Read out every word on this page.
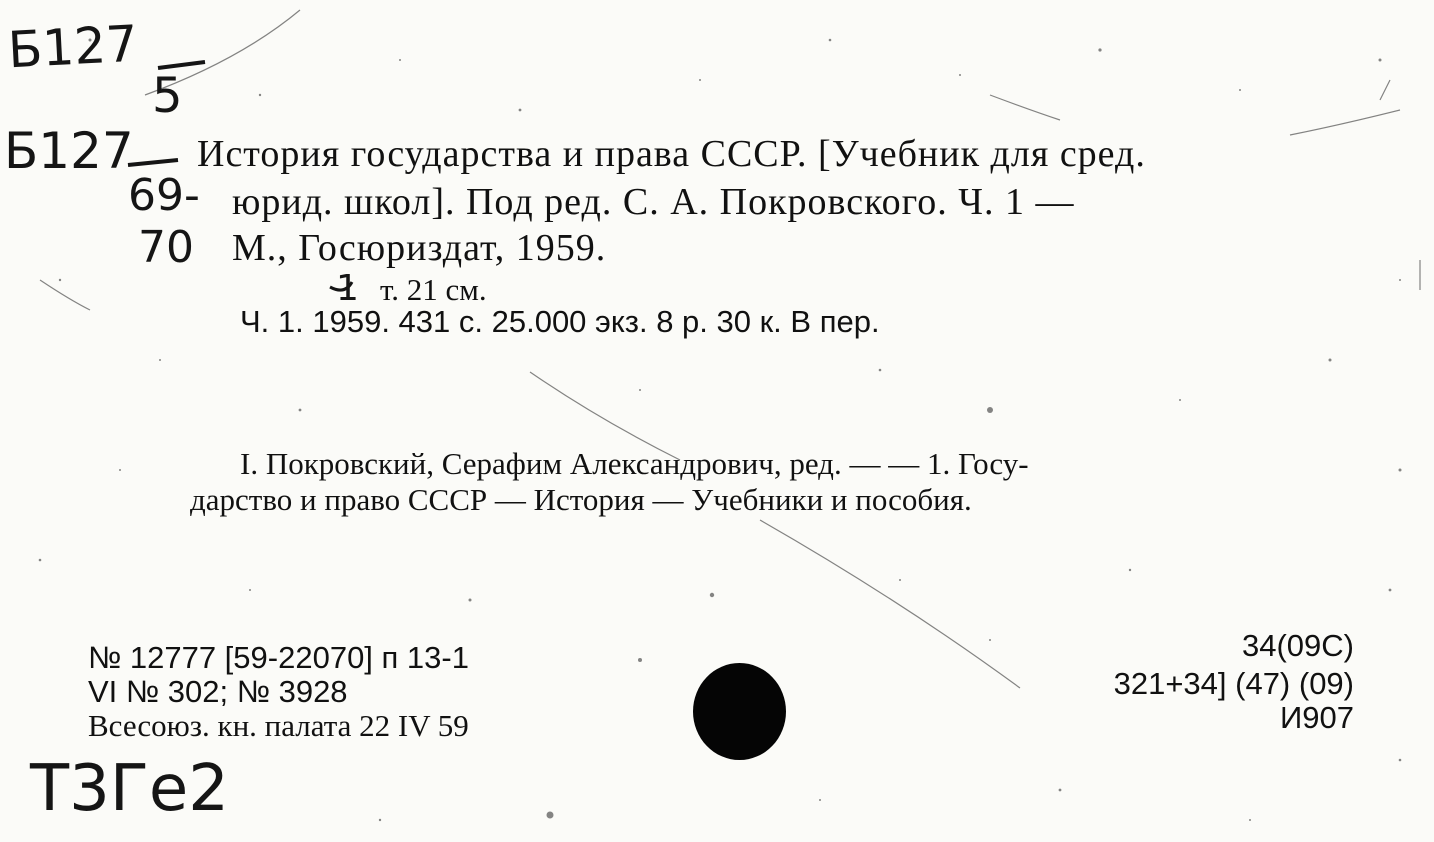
Б127
5
Б127
69-
70
1
История государства и права СССР. [Учебник для сред.
юрид. школ]. Под ред. С. А. Покровского. Ч. 1 —
М., Госюриздат, 1959.
т. 21 см.
Ч. 1. 1959. 431 с. 25.000 экз. 8 р. 30 к. В пер.
I. Покровский, Серафим Александрович, ред. — — 1. Госу-
дарство и право СССР — История — Учебники и пособия.
№ 12777 [59-22070] п 13-1
VI № 302; № 3928
Всесоюз. кн. палата 22 IV 59
34(09С)
321+34] (47) (09)
И907
Т3Ге2
